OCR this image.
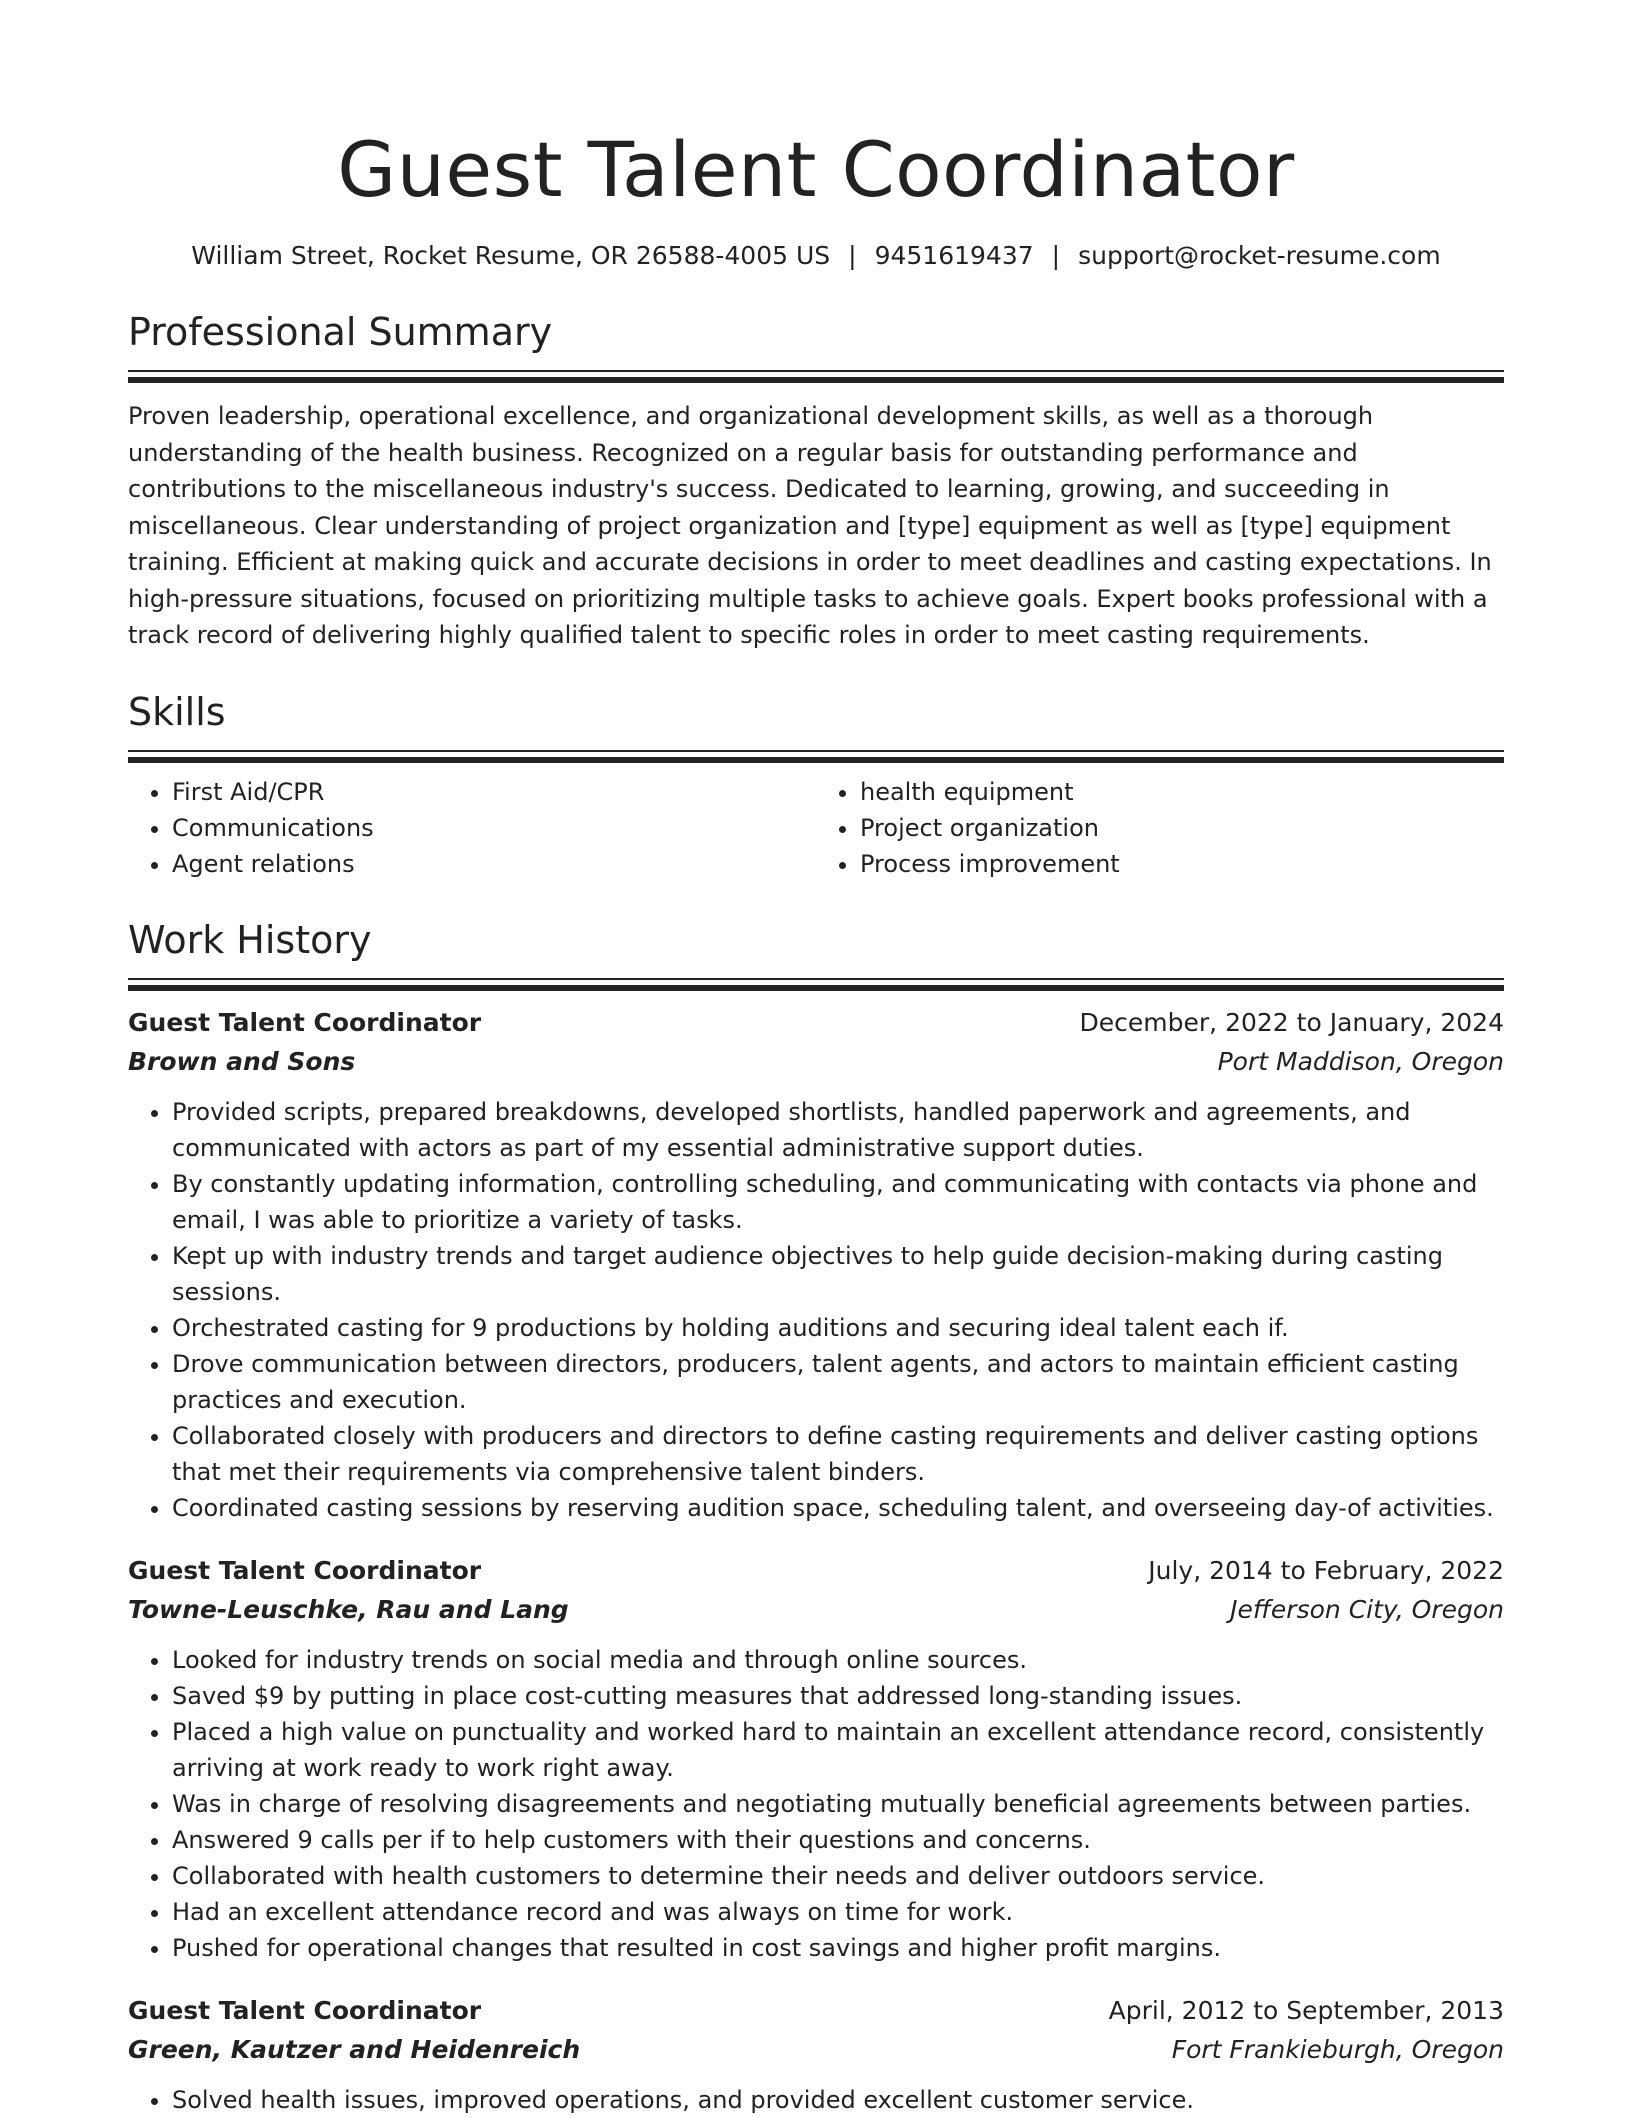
Guest Talent Coordinator
William Street, Rocket Resume, OR 26588-4005 US | 9451619437 | support@rocket-resume.com
Professional Summary

Proven leadership, operational excellence, and organizational development skills, as well as a thorough understanding of the health business. Recognized on a regular basis for outstanding performance and contributions to the miscellaneous industry's success. Dedicated to learning, growing, and succeeding in miscellaneous. Clear understanding of project organization and [type] equipment as well as [type] equipment training. Efficient at making quick and accurate decisions in order to meet deadlines and casting expectations. In high-pressure situations, focused on prioritizing multiple tasks to achieve goals. Expert books professional with a track record of delivering highly qualified talent to specific roles in order to meet casting requirements.

Skills
• First Aid/CPR
• Communications
• Agent relations
• health equipment
• Project organization
• Process improvement
Work History
Guest Talent Coordinator	December, 2022 to January, 2024
Brown and Sons	Port Maddison, Oregon
• Provided scripts, prepared breakdowns, developed shortlists, handled paperwork and agreements, and communicated with actors as part of my essential administrative support duties.
• By constantly updating information, controlling scheduling, and communicating with contacts via phone and email, I was able to prioritize a variety of tasks.
• Kept up with industry trends and target audience objectives to help guide decision-making during casting sessions.
• Orchestrated casting for 9 productions by holding auditions and securing ideal talent each if.
• Drove communication between directors, producers, talent agents, and actors to maintain efficient casting practices and execution.
• Collaborated closely with producers and directors to define casting requirements and deliver casting options that met their requirements via comprehensive talent binders.
• Coordinated casting sessions by reserving audition space, scheduling talent, and overseeing day-of activities.
Guest Talent Coordinator	July, 2014 to February, 2022
Towne-Leuschke, Rau and Lang	Jefferson City, Oregon
• Looked for industry trends on social media and through online sources.
• Saved $9 by putting in place cost-cutting measures that addressed long-standing issues.
• Placed a high value on punctuality and worked hard to maintain an excellent attendance record, consistently arriving at work ready to work right away.
• Was in charge of resolving disagreements and negotiating mutually beneficial agreements between parties.
• Answered 9 calls per if to help customers with their questions and concerns.
• Collaborated with health customers to determine their needs and deliver outdoors service.
• Had an excellent attendance record and was always on time for work.
• Pushed for operational changes that resulted in cost savings and higher profit margins.
Guest Talent Coordinator	April, 2012 to September, 2013
Green, Kautzer and Heidenreich	Fort Frankieburgh, Oregon
• Solved health issues, improved operations, and provided excellent customer service.
